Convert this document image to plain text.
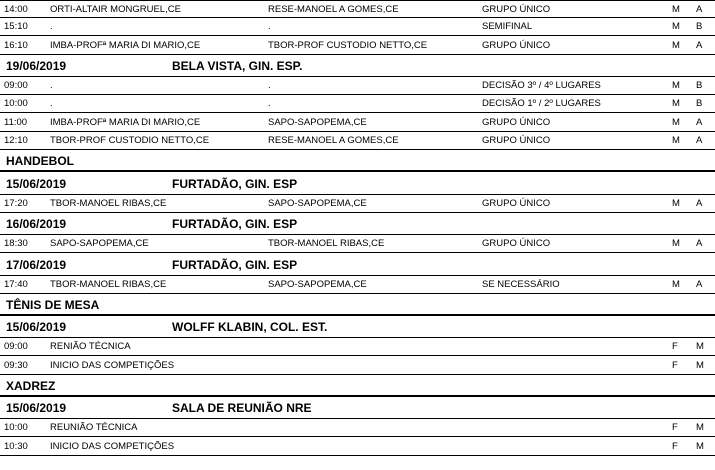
14:00 ORTI-ALTAIR MONGRUEL,CE	RESE-MANOEL A GOMES,CE	GRUPO ÚNICO	M A
15:10 .	.	SEMIFINAL	M B
16:10 IMBA-PROFª MARIA DI MARIO,CE	TBOR-PROF CUSTODIO NETTO,CE	GRUPO ÚNICO	M A
19/06/2019	BELA VISTA, GIN. ESP.
09:00 .	.	DECISÃO 3º / 4º LUGARES	M B
10:00 .	.	DECISÃO 1º / 2º LUGARES	M B
11:00 IMBA-PROFª MARIA DI MARIO,CE	SAPO-SAPOPEMA,CE	GRUPO ÚNICO	M A
12:10 TBOR-PROF CUSTODIO NETTO,CE	RESE-MANOEL A GOMES,CE	GRUPO ÚNICO	M A
HANDEBOL
15/06/2019	FURTADÃO, GIN. ESP
17:20 TBOR-MANOEL RIBAS,CE	SAPO-SAPOPEMA,CE	GRUPO ÚNICO	M A
16/06/2019	FURTADÃO, GIN. ESP
18:30 SAPO-SAPOPEMA,CE	TBOR-MANOEL RIBAS,CE	GRUPO ÚNICO	M A
17/06/2019	FURTADÃO, GIN. ESP
17:40 TBOR-MANOEL RIBAS,CE	SAPO-SAPOPEMA,CE	SE NECESSÁRIO	M A
TÊNIS DE MESA
15/06/2019	WOLFF KLABIN, COL. EST.
09:00 RENIÃO TÉCNICA	F M
09:30 INICIO DAS COMPETIÇÕES	F M
XADREZ
15/06/2019	SALA DE REUNIÃO NRE
10:00 REUNIÃO TÉCNICA	F M
10:30 INICIO DAS COMPETIÇÕES	F M
